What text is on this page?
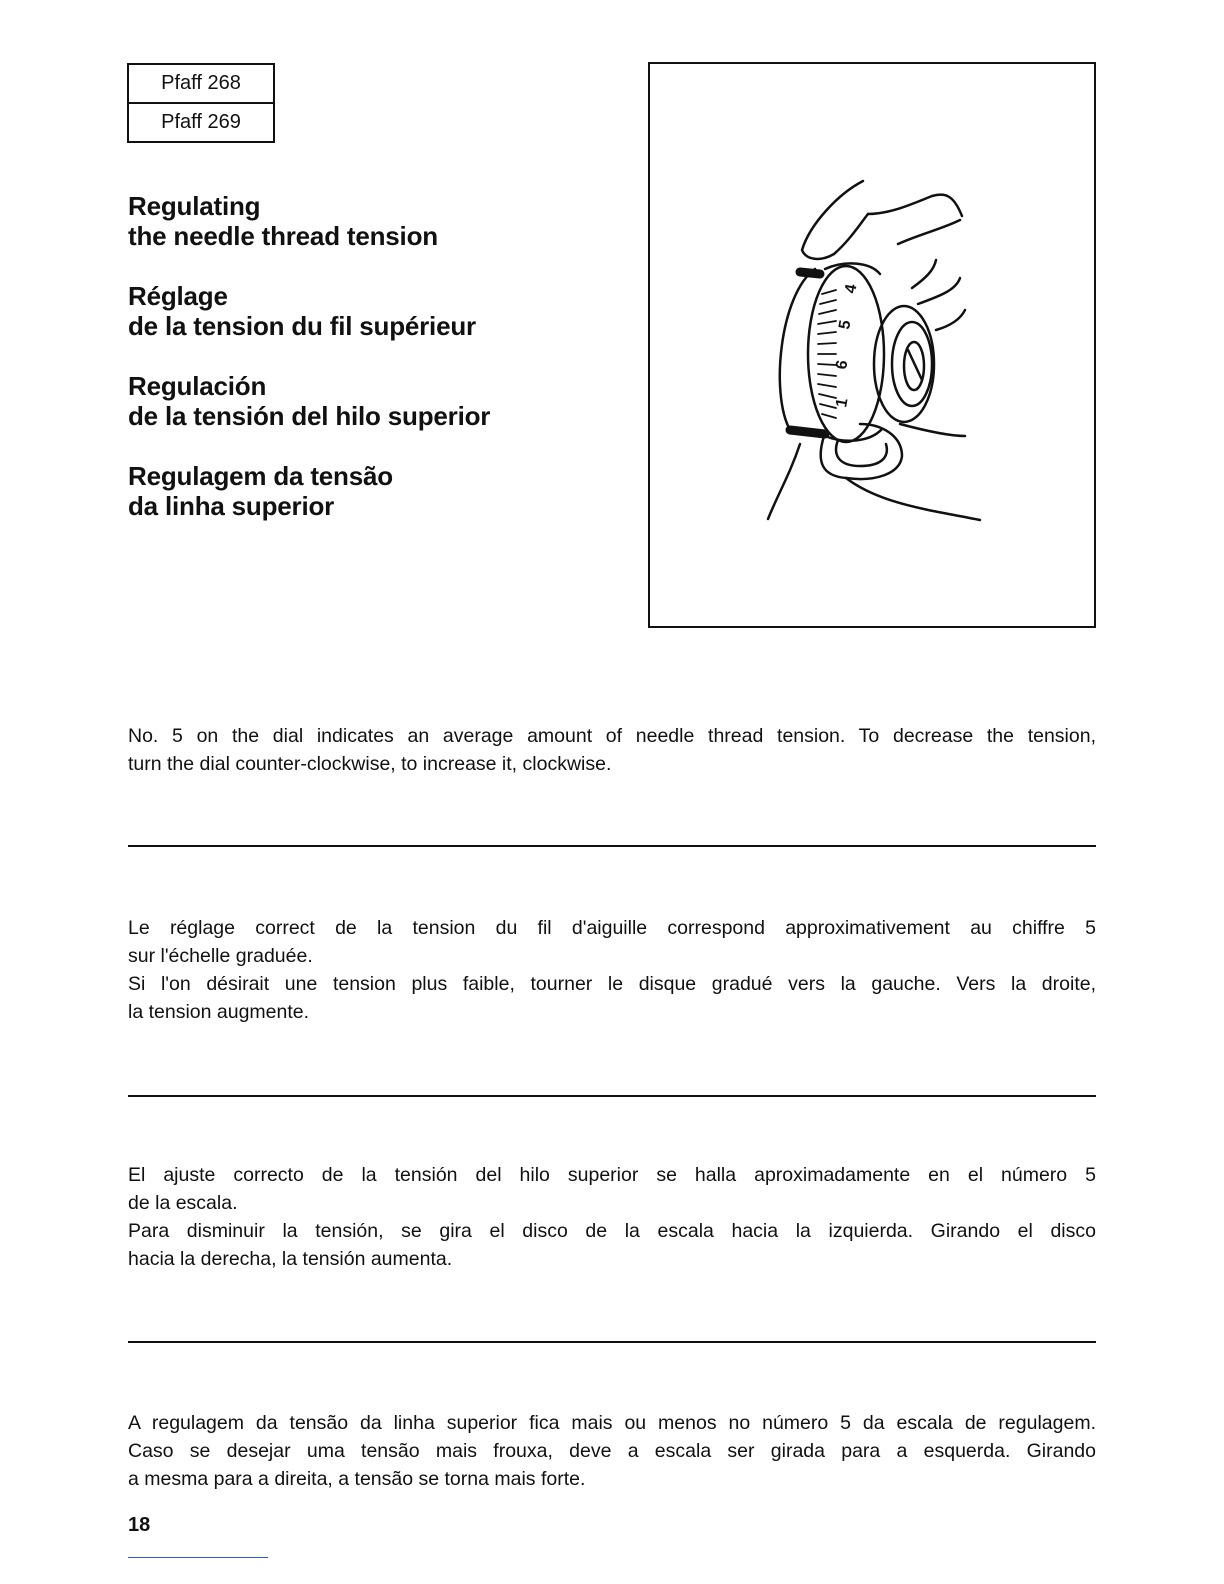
Pfaff 268
Pfaff 269
Regulating
the needle thread tension
Réglage
de la tension du fil supérieur
Regulación
de la tensión del hilo superior
Regulagem da tensão
da linha superior
1
6
5
4

No. 5 on the dial indicates an average amount of needle thread tension. To decrease the tension,
turn the dial counter-clockwise, to increase it, clockwise.

Le réglage correct de la tension du fil d'aiguille correspond approximativement au chiffre 5
sur l'échelle graduée.
Si l'on désirait une tension plus faible, tourner le disque gradué vers la gauche. Vers la droite,
la tension augmente.

El ajuste correcto de la tensión del hilo superior se halla aproximadamente en el número 5
de la escala.
Para disminuir la tensión, se gira el disco de la escala hacia la izquierda. Girando el disco
hacia la derecha, la tensión aumenta.

A regulagem da tensão da linha superior fica mais ou menos no número 5 da escala de regulagem.
Caso se desejar uma tensão mais frouxa, deve a escala ser girada para a esquerda. Girando
a mesma para a direita, a tensão se torna mais forte.

18
